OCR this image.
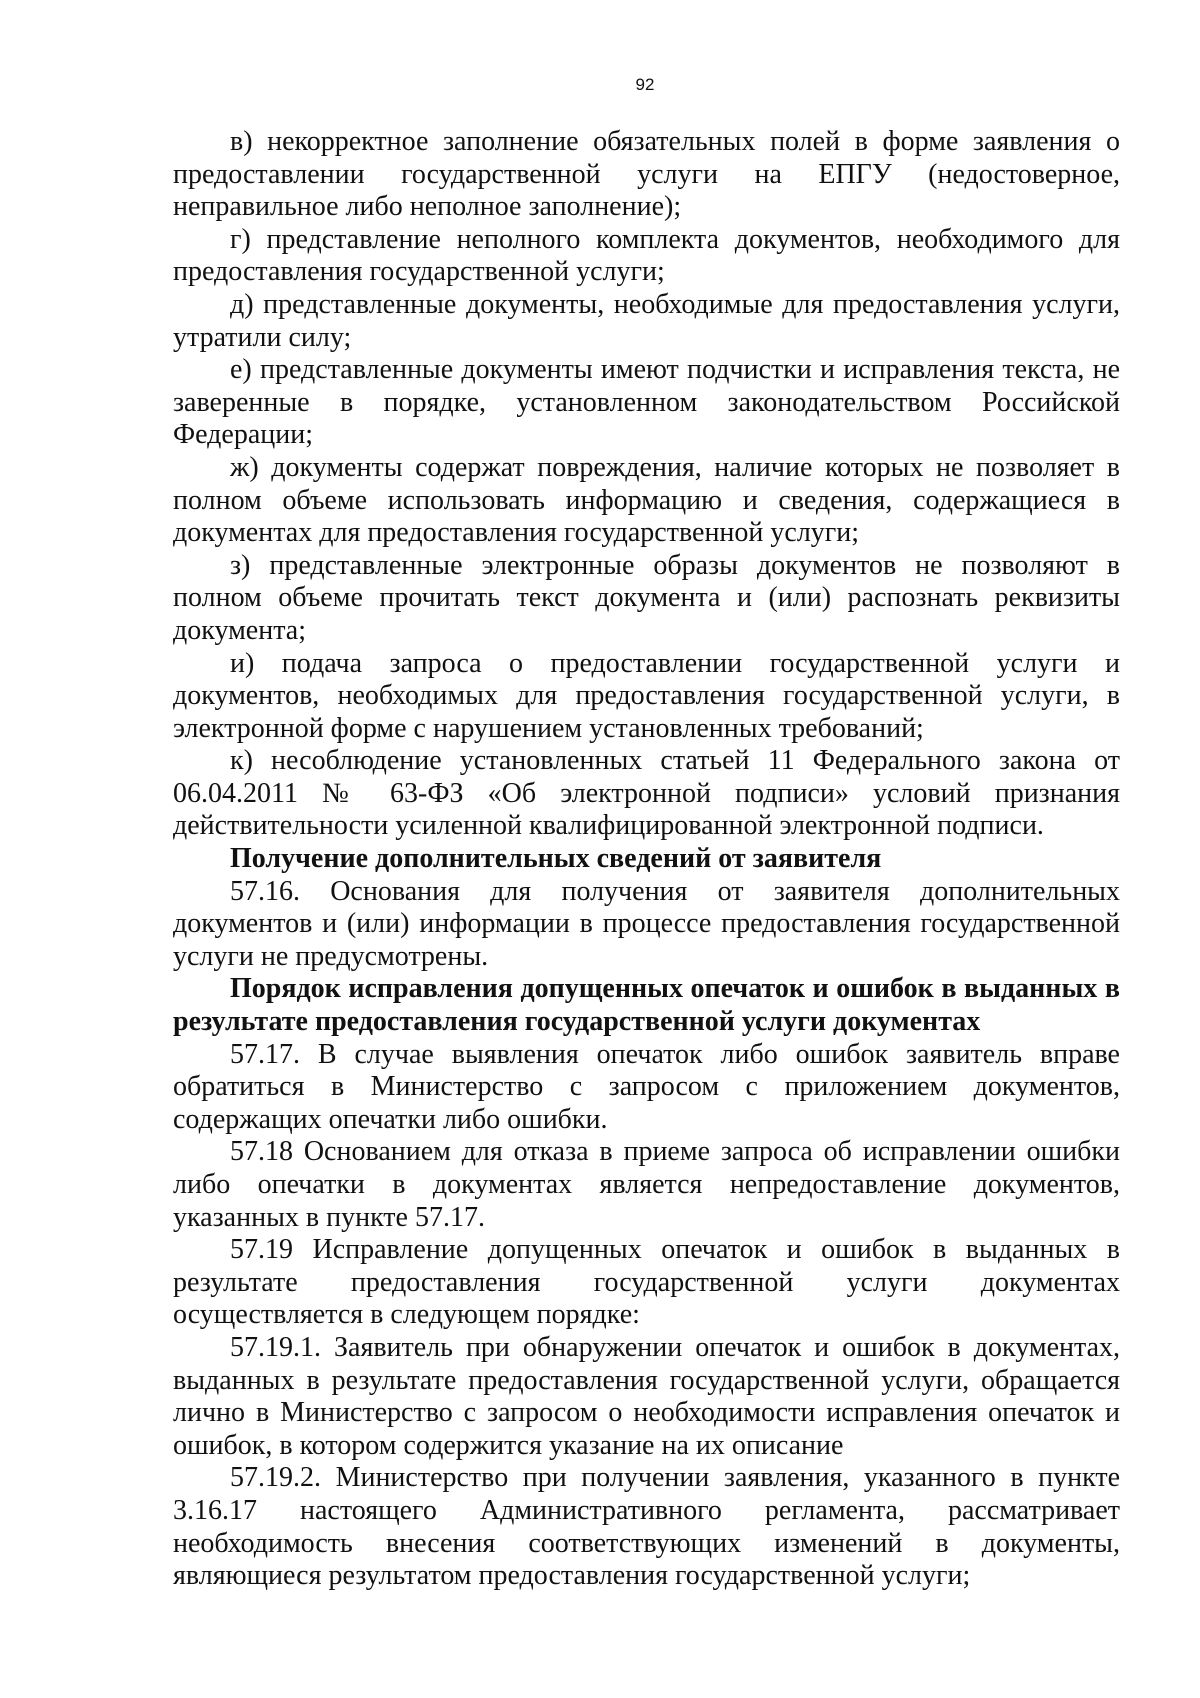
92

в) некорректное заполнение обязательных полей в форме заявления о предоставлении государственной услуги на ЕПГУ (недостоверное, неправильное либо неполное заполнение);

г) представление неполного комплекта документов, необходимого для предоставления государственной услуги;

д) представленные документы, необходимые для предоставления услуги, утратили силу;

е) представленные документы имеют подчистки и исправления текста, не заверенные в порядке, установленном законодательством Российской Федерации;

ж) документы содержат повреждения, наличие которых не позволяет в полном объеме использовать информацию и сведения, содержащиеся в документах для предоставления государственной услуги;

з) представленные электронные образы документов не позволяют в полном объеме прочитать текст документа и (или) распознать реквизиты документа;

и) подача запроса о предоставлении государственной услуги и документов, необходимых для предоставления государственной услуги, в электронной форме с нарушением установленных требований;

к) несоблюдение установленных статьей 11 Федерального закона от 06.04.2011 № 63-ФЗ «Об электронной подписи» условий признания действительности усиленной квалифицированной электронной подписи.

Получение дополнительных сведений от заявителя

57.16. Основания для получения от заявителя дополнительных документов и (или) информации в процессе предоставления государственной услуги не предусмотрены.

Порядок исправления допущенных опечаток и ошибок в выданных в результате предоставления государственной услуги документах

57.17. В случае выявления опечаток либо ошибок заявитель вправе обратиться в Министерство с запросом с приложением документов, содержащих опечатки либо ошибки.

57.18 Основанием для отказа в приеме запроса об исправлении ошибки либо опечатки в документах является непредоставление документов, указанных в пункте 57.17.

57.19 Исправление допущенных опечаток и ошибок в выданных в результате предоставления государственной услуги документах осуществляется в следующем порядке:

57.19.1. Заявитель при обнаружении опечаток и ошибок в документах, выданных в результате предоставления государственной услуги, обращается лично в Министерство с запросом о необходимости исправления опечаток и ошибок, в котором содержится указание на их описание

57.19.2. Министерство при получении заявления, указанного в пункте 3.16.17 настоящего Административного регламента, рассматривает необходимость внесения соответствующих изменений в документы, являющиеся результатом предоставления государственной услуги;
